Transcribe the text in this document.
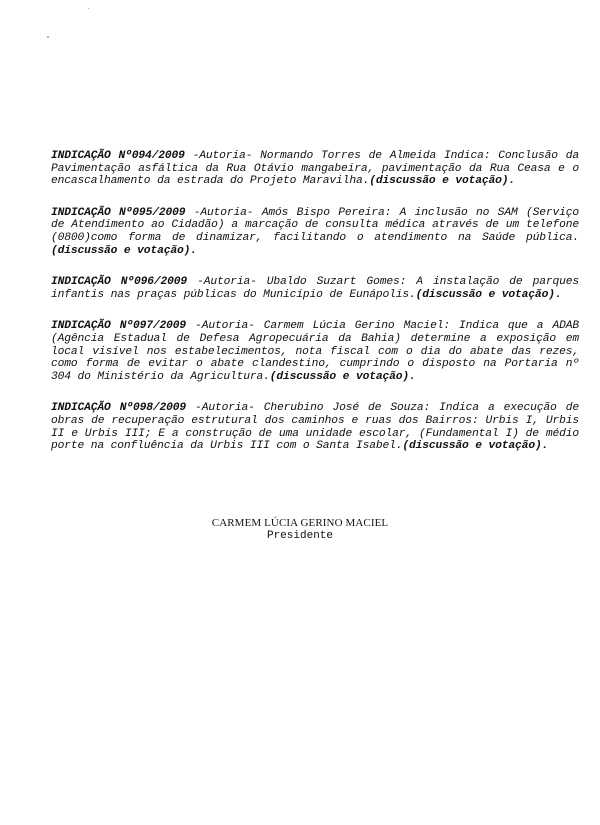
INDICAÇÃO Nº094/2009 -Autoria- Normando Torres de Almeida Indica: Conclusão da Pavimentação asfáltica da Rua Otávio mangabeira, pavimentação da Rua Ceasa e o encascalhamento da estrada do Projeto Maravilha.(discussão e votação).

INDICAÇÃO Nº095/2009 -Autoria- Amós Bispo Pereira: A inclusão no SAM (Serviço de Atendimento ao Cidadão) a marcação de consulta médica através de um telefone (0800)como forma de dinamizar, facilitando o atendimento na Saúde pública.(discussão e votação).

INDICAÇÃO Nº096/2009 -Autoria- Ubaldo Suzart Gomes: A instalação de parques infantis nas praças públicas do Município de Eunápolis.(discussão e votação).

INDICAÇÃO Nº097/2009 -Autoria- Carmem Lúcia Gerino Maciel: Indica que a ADAB (Agência Estadual de Defesa Agropecuária da Bahia) determine a exposição em local visível nos estabelecimentos, nota fiscal com o dia do abate das rezes, como forma de evitar o abate clandestino, cumprindo o disposto na Portaria nº 304 do Ministério da Agricultura.(discussão e votação).

INDICAÇÃO Nº098/2009 -Autoria- Cherubino José de Souza: Indica a execução de obras de recuperação estrutural dos caminhos e ruas dos Bairros: Urbis I, Urbis II e Urbis III; E a construção de uma unidade escolar, (Fundamental I) de médio porte na confluência da Urbis III com o Santa Isabel.(discussão e votação).

CARMEM LÚCIA GERINO MACIEL
Presidente
